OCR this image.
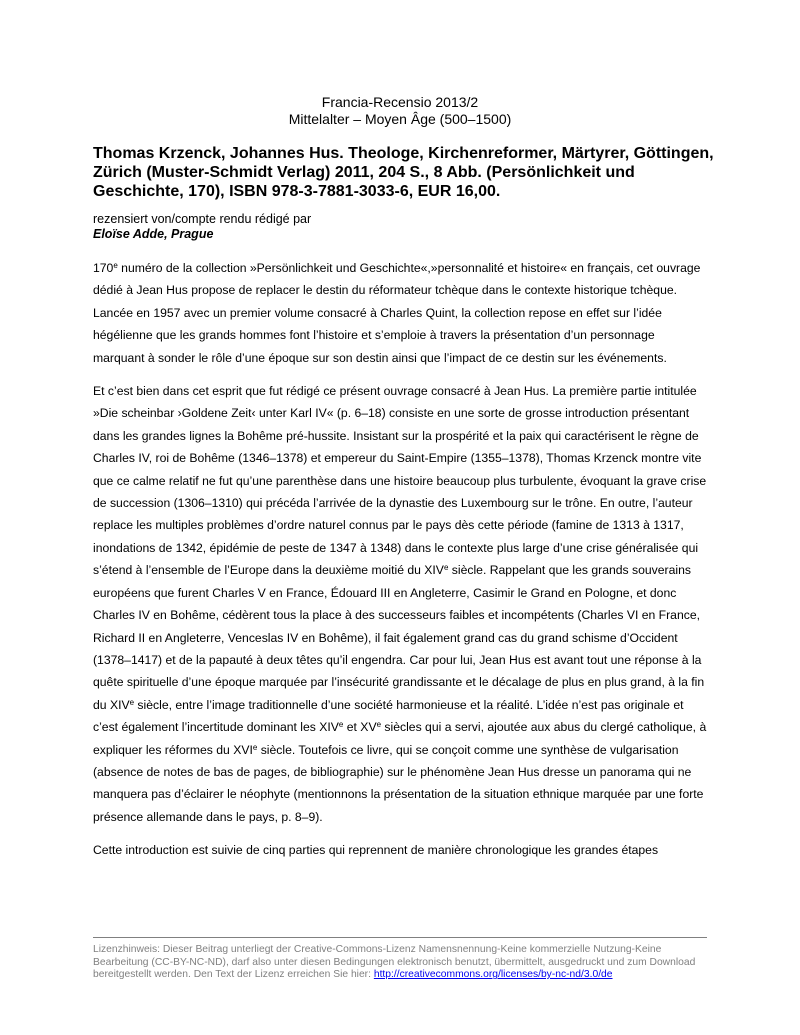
Francia-Recensio 2013/2
Mittelalter – Moyen Âge (500–1500)
Thomas Krzenck, Johannes Hus. Theologe, Kirchenreformer, Märtyrer, Göttingen, Zürich (Muster-Schmidt Verlag) 2011, 204 S., 8 Abb. (Persönlichkeit und Geschichte, 170), ISBN 978-3-7881-3033-6, EUR 16,00.
rezensiert von/compte rendu rédigé par
Eloïse Adde, Prague

170e numéro de la collection »Persönlichkeit und Geschichte«,»personnalité et histoire« en français, cet ouvrage dédié à Jean Hus propose de replacer le destin du réformateur tchèque dans le contexte historique tchèque. Lancée en 1957 avec un premier volume consacré à Charles Quint, la collection repose en effet sur l’idée hégélienne que les grands hommes font l’histoire et s’emploie à travers la présentation d’un personnage marquant à sonder le rôle d’une époque sur son destin ainsi que l’impact de ce destin sur les événements.

Et c’est bien dans cet esprit que fut rédigé ce présent ouvrage consacré à Jean Hus. La première partie intitulée »Die scheinbar ›Goldene Zeit‹ unter Karl IV« (p. 6–18) consiste en une sorte de grosse introduction présentant dans les grandes lignes la Bohême pré-hussite. Insistant sur la prospérité et la paix qui caractérisent le règne de Charles IV, roi de Bohême (1346–1378) et empereur du Saint-Empire (1355–1378), Thomas Krzenck montre vite que ce calme relatif ne fut qu’une parenthèse dans une histoire beaucoup plus turbulente, évoquant la grave crise de succession (1306–1310) qui précéda l’arrivée de la dynastie des Luxembourg sur le trône. En outre, l’auteur replace les multiples problèmes d’ordre naturel connus par le pays dès cette période (famine de 1313 à 1317, inondations de 1342, épidémie de peste de 1347 à 1348) dans le contexte plus large d’une crise généralisée qui s’étend à l’ensemble de l’Europe dans la deuxième moitié du XIVe siècle. Rappelant que les grands souverains européens que furent Charles V en France, Édouard III en Angleterre, Casimir le Grand en Pologne, et donc Charles IV en Bohême, cédèrent tous la place à des successeurs faibles et incompétents (Charles VI en France, Richard II en Angleterre, Venceslas IV en Bohême), il fait également grand cas du grand schisme d’Occident (1378–1417) et de la papauté à deux têtes qu’il engendra. Car pour lui, Jean Hus est avant tout une réponse à la quête spirituelle d’une époque marquée par l’insécurité grandissante et le décalage de plus en plus grand, à la fin du XIVe siècle, entre l’image traditionnelle d’une société harmonieuse et la réalité. L’idée n’est pas originale et c’est également l’incertitude dominant les XIVe et XVe siècles qui a servi, ajoutée aux abus du clergé catholique, à expliquer les réformes du XVIe siècle. Toutefois ce livre, qui se conçoit comme une synthèse de vulgarisation (absence de notes de bas de pages, de bibliographie) sur le phénomène Jean Hus dresse un panorama qui ne manquera pas d’éclairer le néophyte (mentionnons la présentation de la situation ethnique marquée par une forte présence allemande dans le pays, p. 8–9).

Cette introduction est suivie de cinq parties qui reprennent de manière chronologique les grandes étapes

Lizenzhinweis: Dieser Beitrag unterliegt der Creative-Commons-Lizenz Namensnennung-Keine kommerzielle Nutzung-Keine Bearbeitung (CC-BY-NC-ND), darf also unter diesen Bedingungen elektronisch benutzt, übermittelt, ausgedruckt und zum Download bereitgestellt werden. Den Text der Lizenz erreichen Sie hier: http://creativecommons.org/licenses/by-nc-nd/3.0/de
